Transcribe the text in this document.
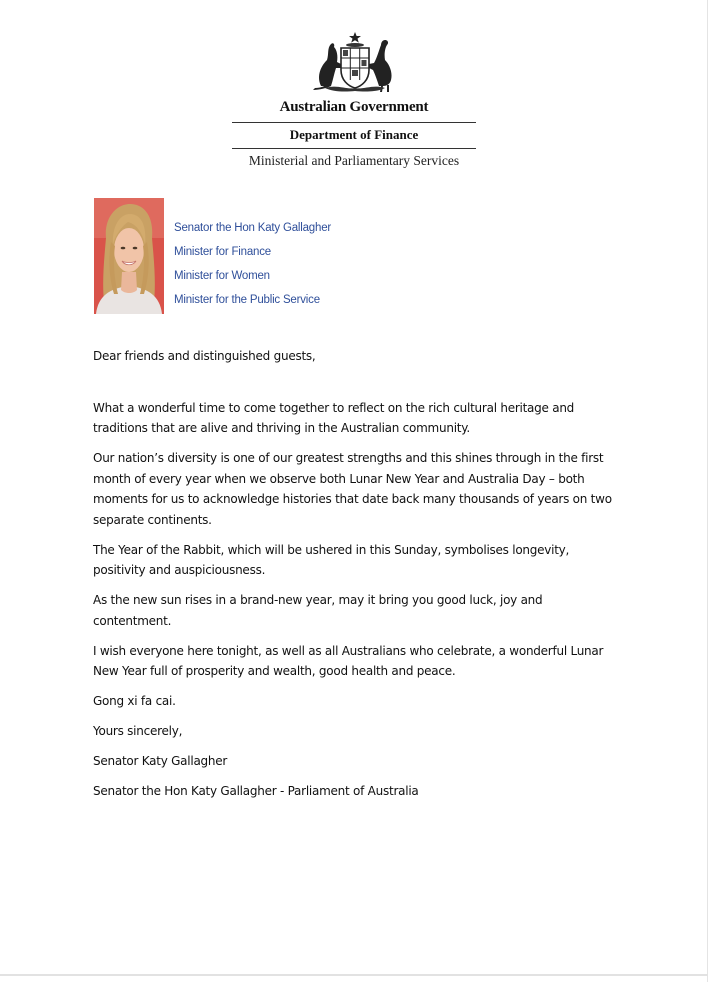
Australian Government
Department of Finance
Ministerial and Parliamentary Services
Senator the Hon Katy Gallagher
Minister for Finance
Minister for Women
Minister for the Public Service

Dear friends and distinguished guests,

What a wonderful time to come together to reflect on the rich cultural heritage and traditions that are alive and thriving in the Australian community.

Our nation’s diversity is one of our greatest strengths and this shines through in the first month of every year when we observe both Lunar New Year and Australia Day – both moments for us to acknowledge histories that date back many thousands of years on two separate continents.

The Year of the Rabbit, which will be ushered in this Sunday, symbolises longevity, positivity and auspiciousness.

As the new sun rises in a brand-new year, may it bring you good luck, joy and contentment.

I wish everyone here tonight, as well as all Australians who celebrate, a wonderful Lunar New Year full of prosperity and wealth, good health and peace.

Gong xi fa cai.

Yours sincerely,

Senator Katy Gallagher

Senator the Hon Katy Gallagher - Parliament of Australia
